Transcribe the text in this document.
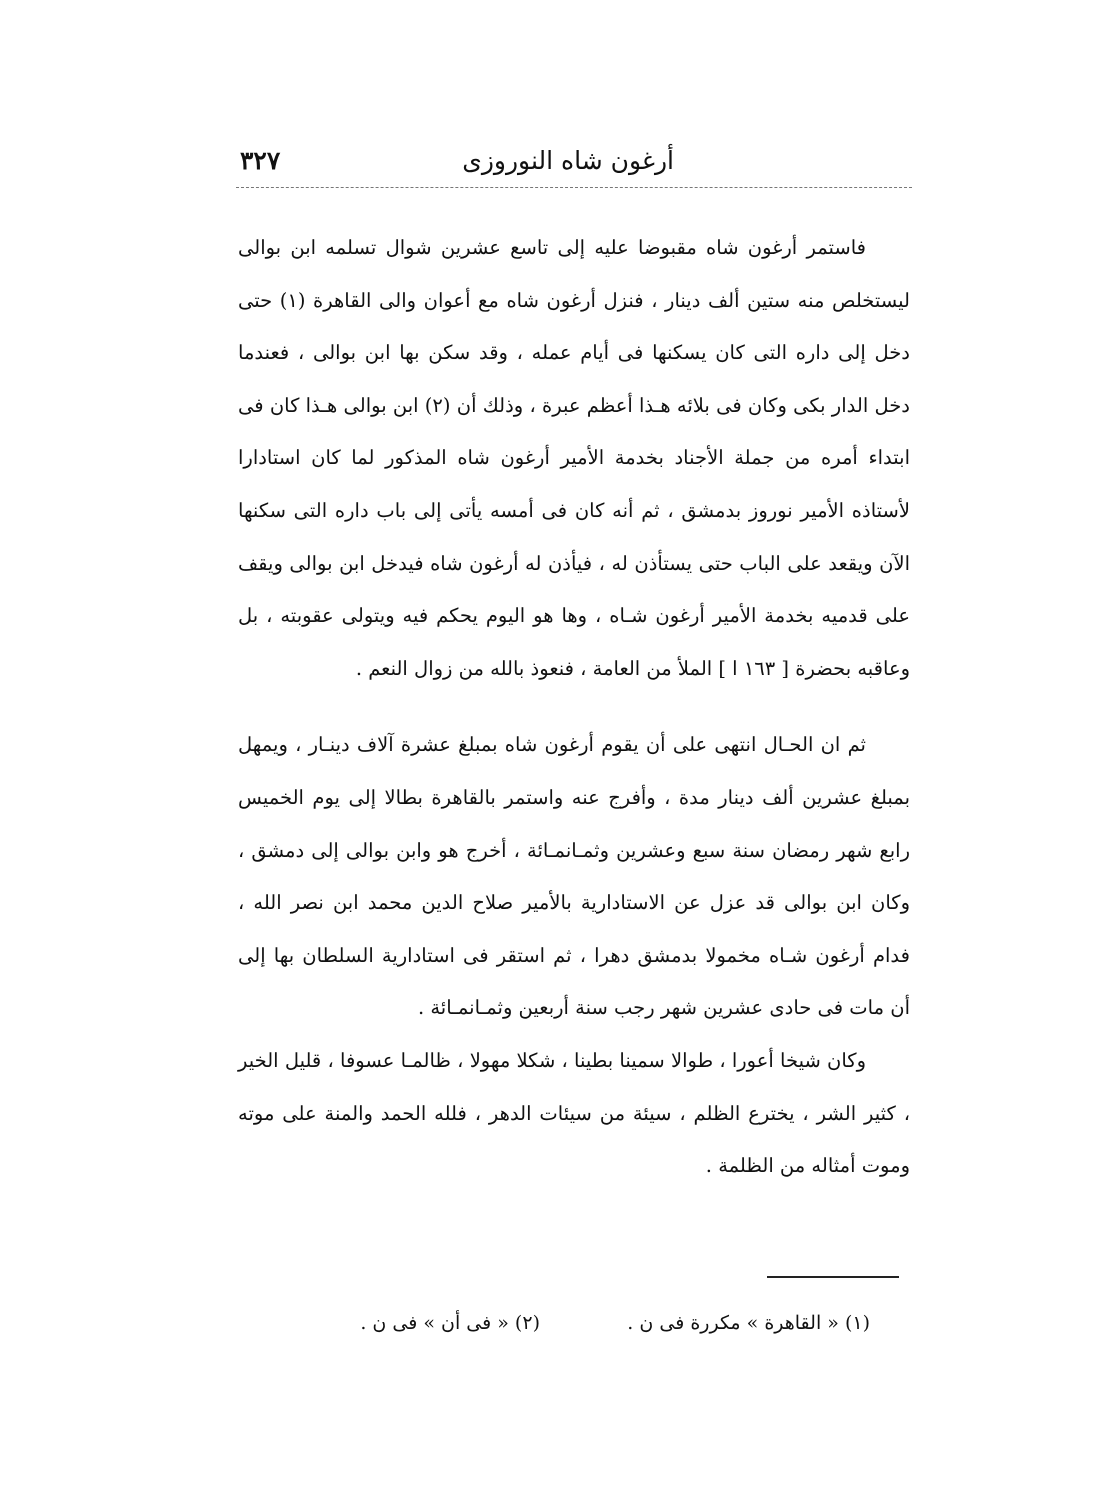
أرغون شاه النوروزى
٣٢٧

فاستمر أرغون شاه مقبوضا عليه إلى تاسع عشرين شوال تسلمه ابن بوالى ليستخلص منه ستين ألف دينار ، فنزل أرغون شاه مع أعوان والى القاهرة (١) حتى دخل إلى داره التى كان يسكنها فى أيام عمله ، وقد سكن بها ابن بوالى ، فعندما دخل الدار بكى وكان فى بلائه هـذا أعظم عبرة ، وذلك أن (٢) ابن بوالى هـذا كان فى ابتداء أمره من جملة الأجناد بخدمة الأمير أرغون شاه المذكور لما كان استادارا لأستاذه الأمير نوروز بدمشق ، ثم أنه كان فى أمسه يأتى إلى باب داره التى سكنها الآن ويقعد على الباب حتى يستأذن له ، فيأذن له أرغون شاه فيدخل ابن بوالى ويقف على قدميه بخدمة الأمير أرغون شـاه ، وها هو اليوم يحكم فيه ويتولى عقوبته ، بل وعاقبه بحضرة [ ١٦٣ ا ] الملأ من العامة ، فنعوذ بالله من زوال النعم .

ثم ان الحـال انتهى على أن يقوم أرغون شاه بمبلغ عشرة آلاف دينـار ، ويمهل بمبلغ عشرين ألف دينار مدة ، وأفرج عنه واستمر بالقاهرة بطالا إلى يوم الخميس رابع شهر رمضان سنة سبع وعشرين وثمـانمـائة ، أخرج هو وابن بوالى إلى دمشق ، وكان ابن بوالى قد عزل عن الاستادارية بالأمير صلاح الدين محمد ابن نصر الله ، فدام أرغون شـاه مخمولا بدمشق دهرا ، ثم استقر فى استادارية السلطان بها إلى أن مات فى حادى عشرين شهر رجب سنة أربعين وثمـانمـائة .

وكان شيخا أعورا ، طوالا سمينا بطينا ، شكلا مهولا ، ظالمـا عسوفا ، قليل الخير ، كثير الشر ، يخترع الظلم ، سيئة من سيئات الدهر ، فلله الحمد والمنة على موته وموت أمثاله من الظلمة .

(١) « القاهرة » مكررة فى ن .
(٢) « فى أن » فى ن .
